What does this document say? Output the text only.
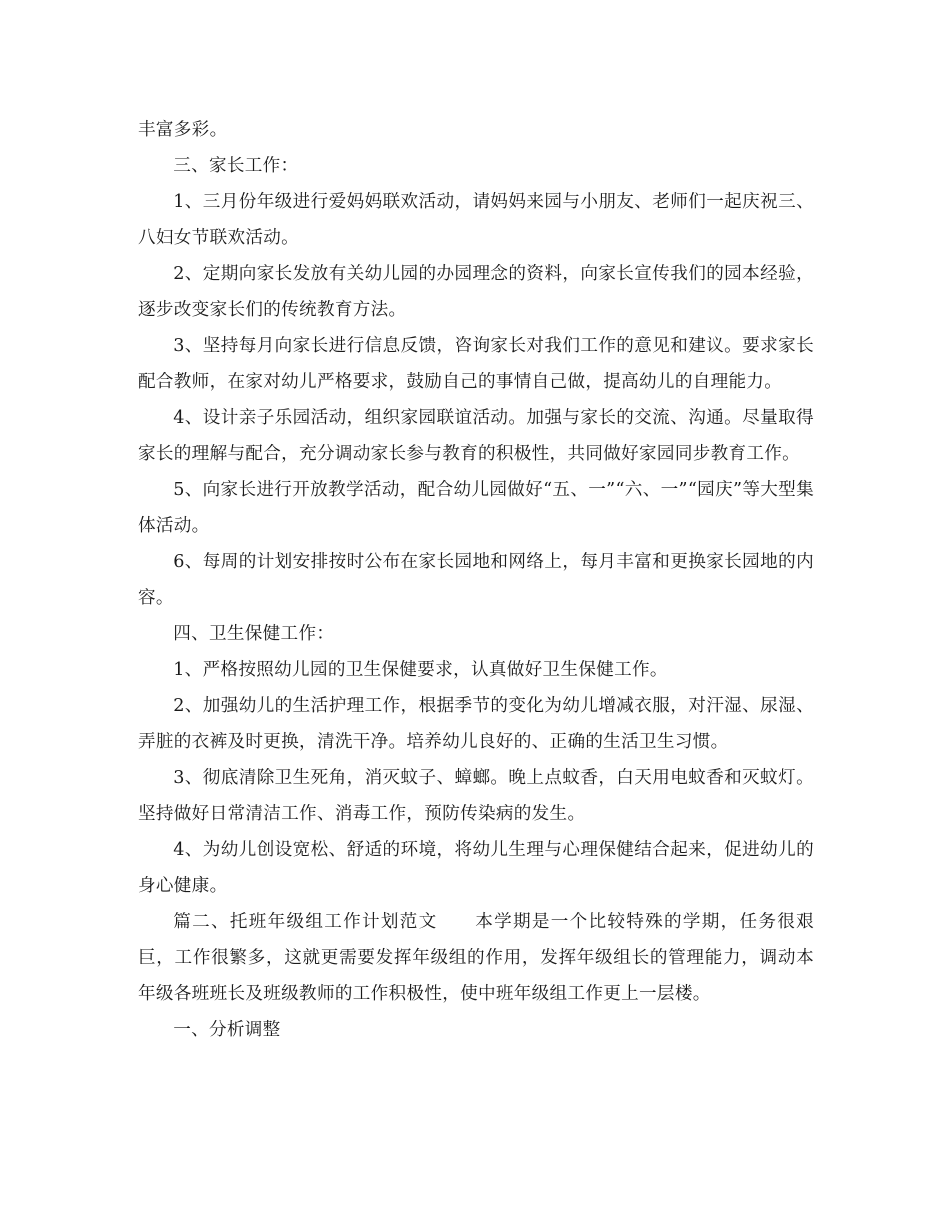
丰富多彩。

三、家长工作：

1、三月份年级进行爱妈妈联欢活动，请妈妈来园与小朋友、老师们一起庆祝三、八妇女节联欢活动。

2、定期向家长发放有关幼儿园的办园理念的资料，向家长宣传我们的园本经验，逐步改变家长们的传统教育方法。

3、坚持每月向家长进行信息反馈，咨询家长对我们工作的意见和建议。要求家长配合教师，在家对幼儿严格要求，鼓励自己的事情自己做，提高幼儿的自理能力。

4、设计亲子乐园活动，组织家园联谊活动。加强与家长的交流、沟通。尽量取得家长的理解与配合，充分调动家长参与教育的积极性，共同做好家园同步教育工作。

5、向家长进行开放教学活动，配合幼儿园做好“五、一”“六、一”“园庆”等大型集体活动。

6、每周的计划安排按时公布在家长园地和网络上，每月丰富和更换家长园地的内容。

四、卫生保健工作：

1、严格按照幼儿园的卫生保健要求，认真做好卫生保健工作。

2、加强幼儿的生活护理工作，根据季节的变化为幼儿增减衣服，对汗湿、尿湿、弄脏的衣裤及时更换，清洗干净。培养幼儿良好的、正确的生活卫生习惯。

3、彻底清除卫生死角，消灭蚊子、蟑螂。晚上点蚊香，白天用电蚊香和灭蚊灯。坚持做好日常清洁工作、消毒工作，预防传染病的发生。

4、为幼儿创设宽松、舒适的环境，将幼儿生理与心理保健结合起来，促进幼儿的身心健康。

篇二、托班年级组工作计划范文　　本学期是一个比较特殊的学期，任务很艰巨，工作很繁多，这就更需要发挥年级组的作用，发挥年级组长的管理能力，调动本年级各班班长及班级教师的工作积极性，使中班年级组工作更上一层楼。

一、分析调整
